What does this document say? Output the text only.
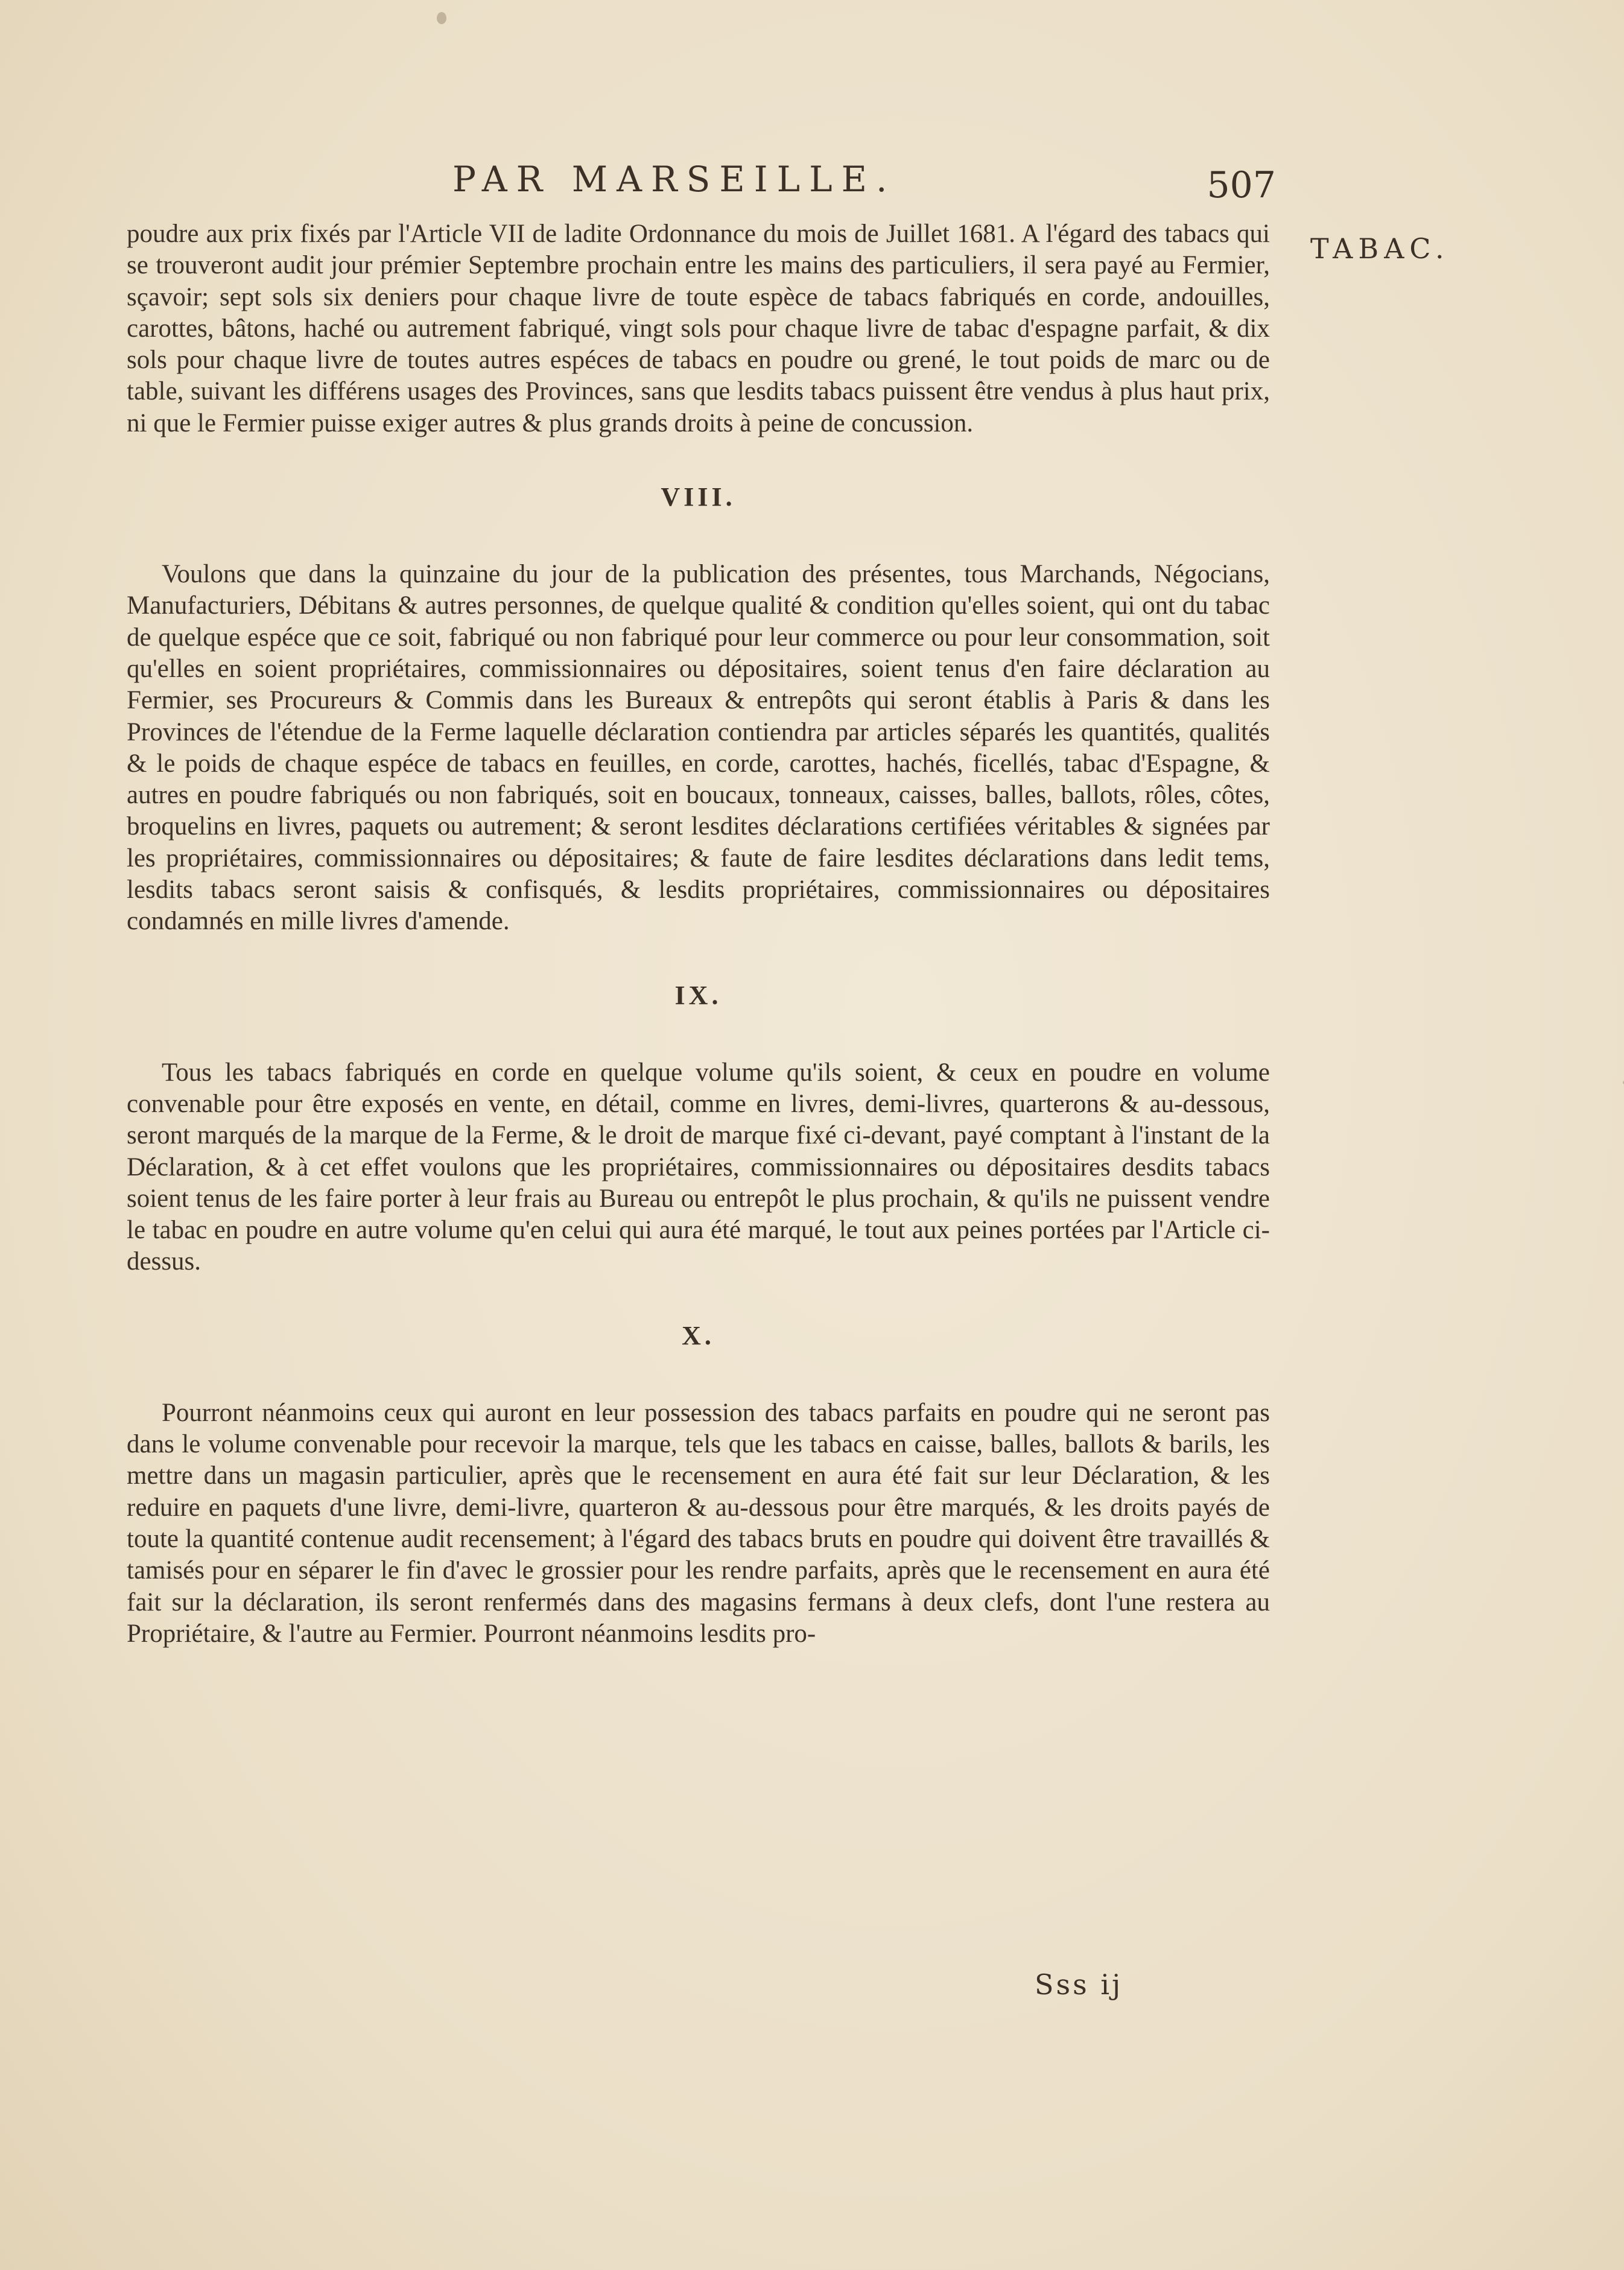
PAR MARSEILLE.	507
TABAC.

poudre aux prix fixés par l'Article VII de ladite Ordonnance du mois de Juillet 1681. A l'égard des tabacs qui se trouveront audit jour prémier Septembre prochain entre les mains des particuliers, il sera payé au Fermier, sçavoir; sept sols six deniers pour chaque livre de toute espèce de tabacs fabriqués en corde, andouilles, carottes, bâtons, haché ou autrement fabriqué, vingt sols pour chaque livre de tabac d'espagne parfait, & dix sols pour chaque livre de toutes autres espéces de tabacs en poudre ou grené, le tout poids de marc ou de table, suivant les différens usages des Provinces, sans que lesdits tabacs puissent être vendus à plus haut prix, ni que le Fermier puisse exiger autres & plus grands droits à peine de concussion.

VIII.

Voulons que dans la quinzaine du jour de la publication des présentes, tous Marchands, Négocians, Manufacturiers, Débitans & autres personnes, de quelque qualité & condition qu'elles soient, qui ont du tabac de quelque espéce que ce soit, fabriqué ou non fabriqué pour leur commerce ou pour leur consommation, soit qu'elles en soient propriétaires, commissionnaires ou dépositaires, soient tenus d'en faire déclaration au Fermier, ses Procureurs & Commis dans les Bureaux & entrepôts qui seront établis à Paris & dans les Provinces de l'étendue de la Ferme laquelle déclaration contiendra par articles séparés les quantités, qualités & le poids de chaque espéce de tabacs en feuilles, en corde, carottes, hachés, ficellés, tabac d'Espagne, & autres en poudre fabriqués ou non fabriqués, soit en boucaux, tonneaux, caisses, balles, ballots, rôles, côtes, broquelins en livres, paquets ou autrement; & seront lesdites déclarations certifiées véritables & signées par les propriétaires, commissionnaires ou dépositaires; & faute de faire lesdites déclarations dans ledit tems, lesdits tabacs seront saisis & confisqués, & lesdits propriétaires, commissionnaires ou dépositaires condamnés en mille livres d'amende.

IX.

Tous les tabacs fabriqués en corde en quelque volume qu'ils soient, & ceux en poudre en volume convenable pour être exposés en vente, en détail, comme en livres, demi-livres, quarterons & au-dessous, seront marqués de la marque de la Ferme, & le droit de marque fixé ci-devant, payé comptant à l'instant de la Déclaration, & à cet effet voulons que les propriétaires, commissionnaires ou dépositaires desdits tabacs soient tenus de les faire porter à leur frais au Bureau ou entrepôt le plus prochain, & qu'ils ne puissent vendre le tabac en poudre en autre volume qu'en celui qui aura été marqué, le tout aux peines portées par l'Article ci-dessus.

X.

Pourront néanmoins ceux qui auront en leur possession des tabacs parfaits en poudre qui ne seront pas dans le volume convenable pour recevoir la marque, tels que les tabacs en caisse, balles, ballots & barils, les mettre dans un magasin particulier, après que le recensement en aura été fait sur leur Déclaration, & les reduire en paquets d'une livre, demi-livre, quarteron & au-dessous pour être marqués, & les droits payés de toute la quantité contenue audit recensement; à l'égard des tabacs bruts en poudre qui doivent être travaillés & tamisés pour en séparer le fin d'avec le grossier pour les rendre parfaits, après que le recensement en aura été fait sur la déclaration, ils seront renfermés dans des magasins fermans à deux clefs, dont l'une restera au Propriétaire, & l'autre au Fermier. Pourront néanmoins lesdits pro-

Sss ij
